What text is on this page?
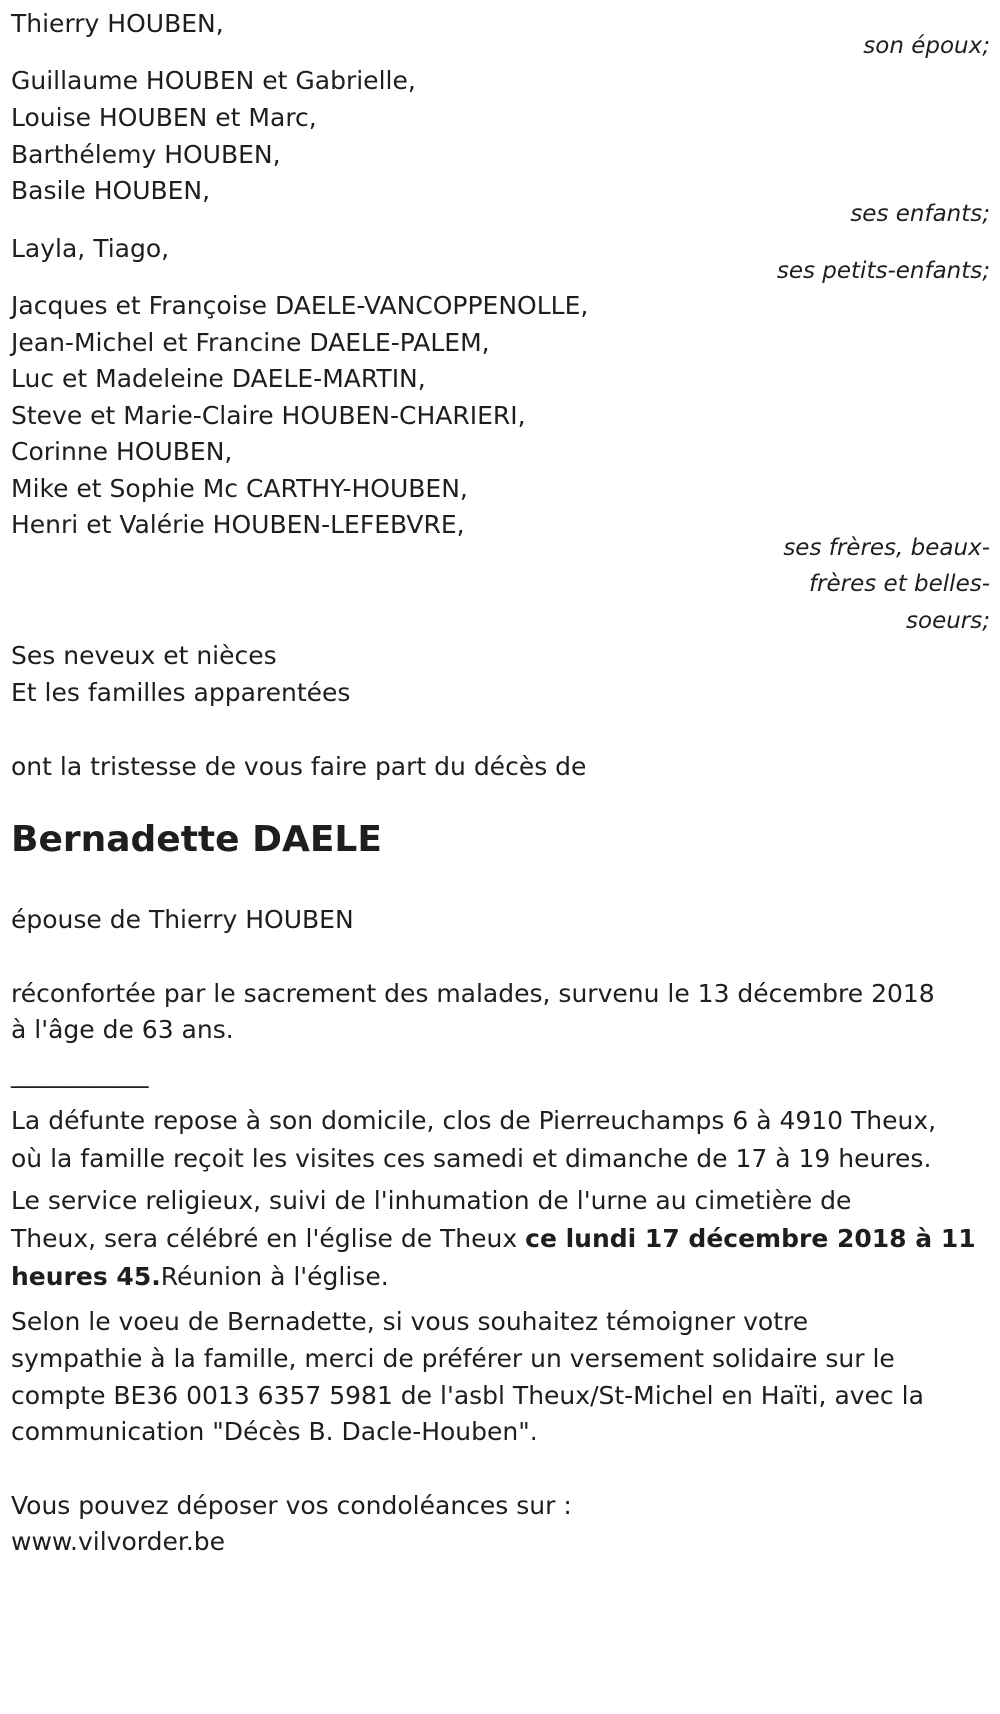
Thierry HOUBEN,

son époux;

Guillaume HOUBEN et Gabrielle,

Louise HOUBEN et Marc,

Barthélemy HOUBEN,

Basile HOUBEN,

ses enfants;

Layla, Tiago,

ses petits-enfants;

Jacques et Françoise DAELE-VANCOPPENOLLE,

Jean-Michel et Francine DAELE-PALEM,

Luc et Madeleine DAELE-MARTIN,

Steve et Marie-Claire HOUBEN-CHARIERI,

Corinne HOUBEN,

Mike et Sophie Mc CARTHY-HOUBEN,

Henri et Valérie HOUBEN-LEFEBVRE,

ses frères, beaux-

frères et belles-

soeurs;

Ses neveux et nièces

Et les familles apparentées

ont la tristesse de vous faire part du décès de

Bernadette DAELE

épouse de Thierry HOUBEN

réconfortée par le sacrement des malades, survenu le 13 décembre 2018

à l'âge de 63 ans.

___________

La défunte repose à son domicile, clos de Pierreuchamps 6 à 4910 Theux,

où la famille reçoit les visites ces samedi et dimanche de 17 à 19 heures.

Le service religieux, suivi de l'inhumation de l'urne au cimetière de

Theux, sera célébré en l'église de Theux ce lundi 17 décembre 2018 à 11

heures 45.Réunion à l'église.

Selon le voeu de Bernadette, si vous souhaitez témoigner votre

sympathie à la famille, merci de préférer un versement solidaire sur le

compte BE36 0013 6357 5981 de l'asbl Theux/St-Michel en Haïti, avec la

communication "Décès B. Dacle-Houben".

Vous pouvez déposer vos condoléances sur :

www.vilvorder.be
